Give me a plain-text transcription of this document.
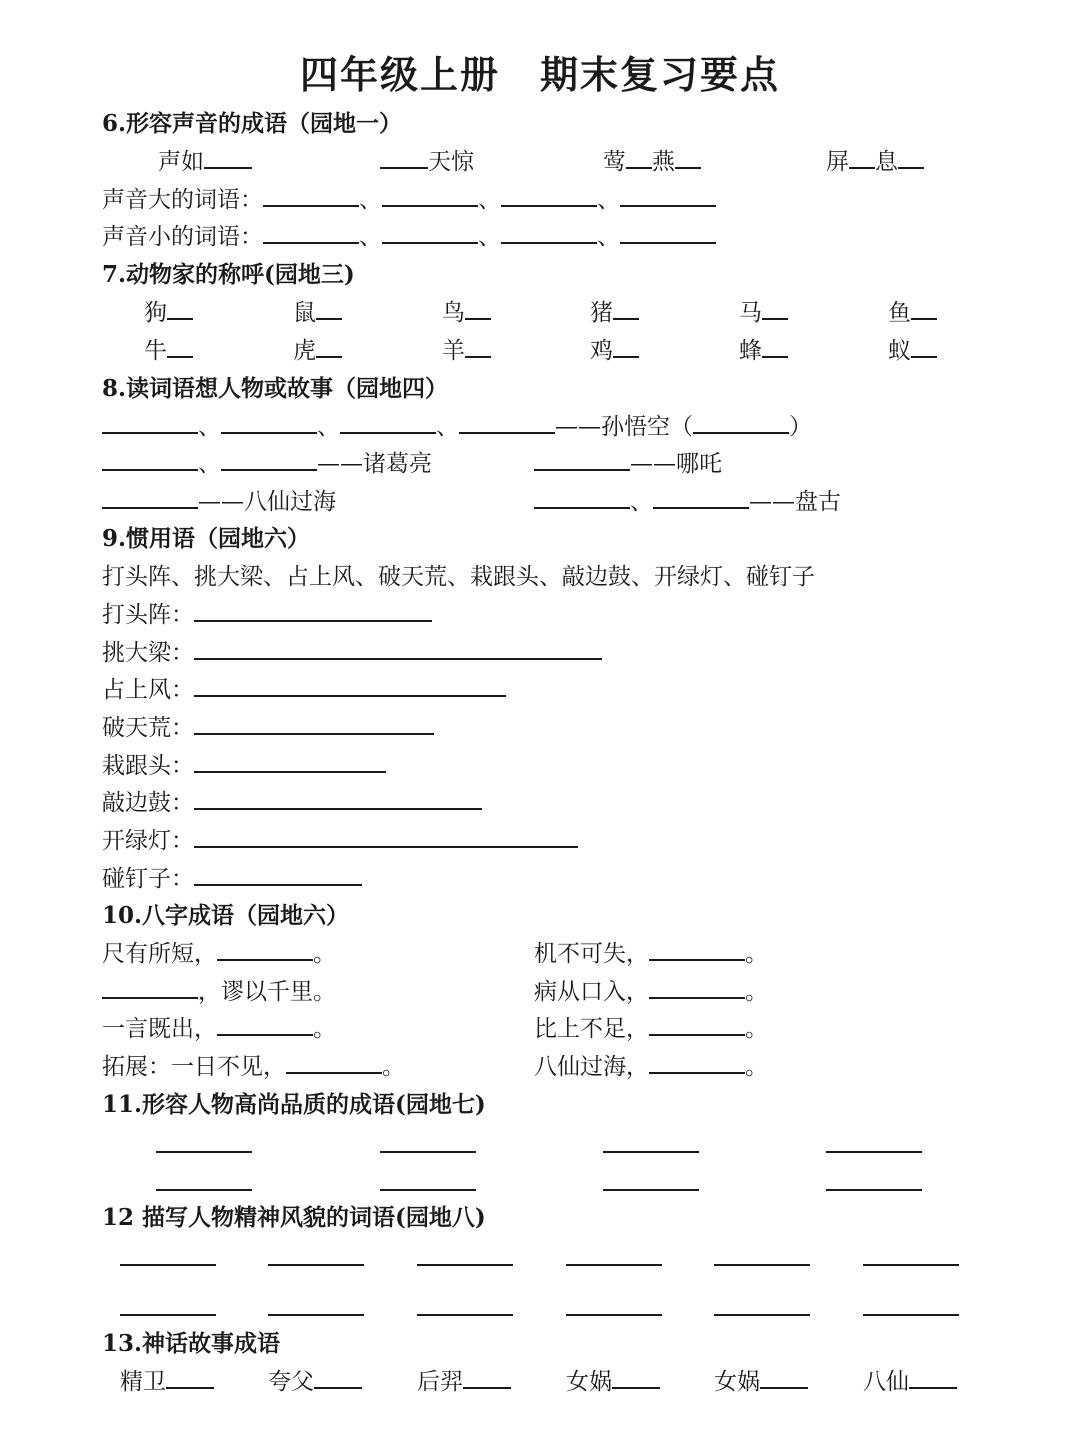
四年级上册 期末复习要点
6.形容声音的成语（园地一）
声如	天惊	莺 燕	屏 息
声音大的词语：	、	、	、
声音小的词语：	、	、	、
7.动物家的称呼(园地三)
狗	鼠	鸟	猪	马	鱼
牛	虎	羊	鸡	蜂	蚁
8.读词语想人物或故事（园地四）
、	、	、	——孙悟空（	）
、	——诸葛亮	——哪吒
——八仙过海	、	——盘古
9.惯用语（园地六）
打头阵、挑大梁、占上风、破天荒、栽跟头、敲边鼓、开绿灯、碰钉子
打头阵：
挑大梁：
占上风：
破天荒：
栽跟头：
敲边鼓：
开绿灯：
碰钉子：
10.八字成语（园地六）
尺有所短，	。	机不可失，	。
，谬以千里。	病从口入，	。
一言既出，	。	比上不足，	。
拓展：一日不见，	。	八仙过海，	。
11.形容人物高尚品质的成语(园地七)
12 描写人物精神风貌的词语(园地八)
13.神话故事成语
精卫	夸父	后羿	女娲	女娲	八仙
